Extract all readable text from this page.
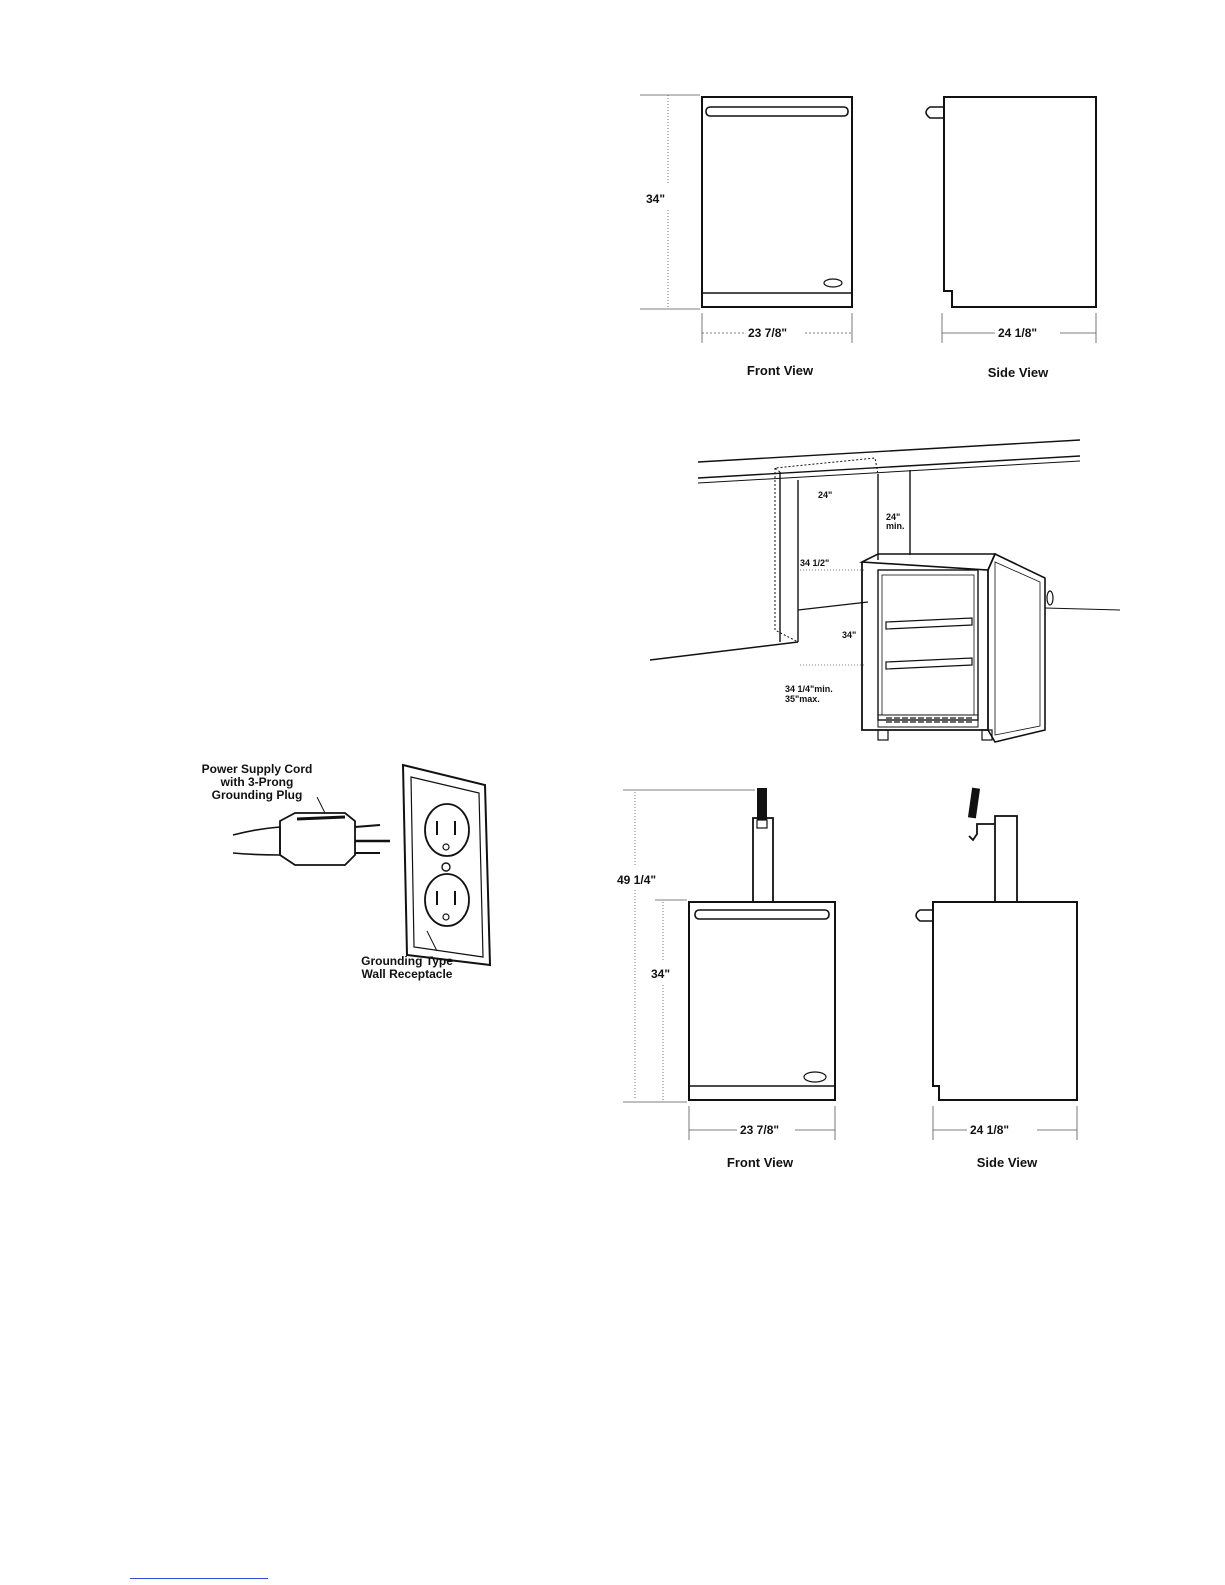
34"
23 7/8"	24 1/8"
Front View	Side View
24"
24"
min.
34 1/2"
34"
34 1/4"min.
35"max.
Power Supply Cord
with 3-Prong
Grounding Plug
Grounding Type
Wall Receptacle
49 1/4"
34"
23 7/8"	24 1/8"
Front View	Side View
